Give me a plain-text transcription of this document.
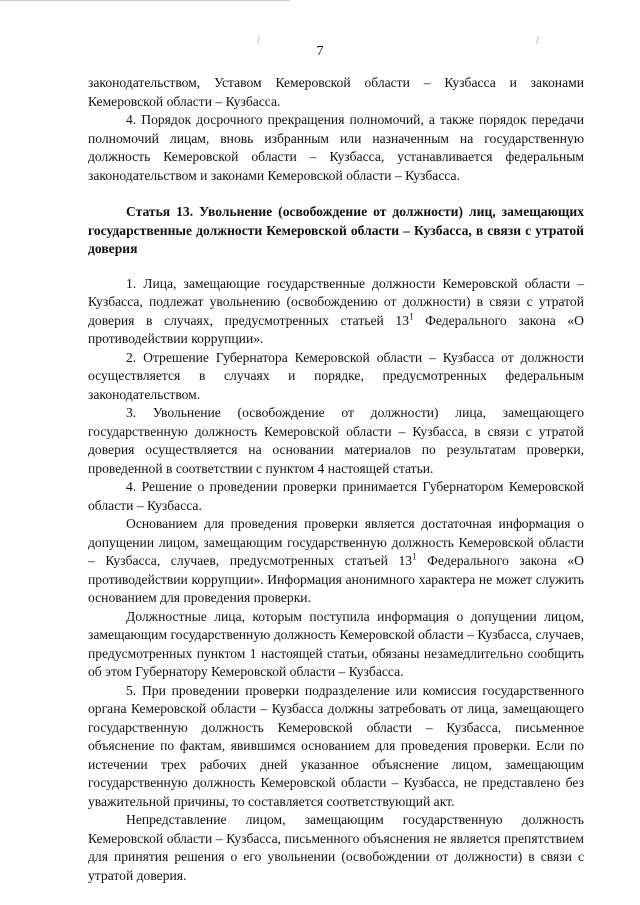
7

законодательством, Уставом Кемеровской области – Кузбасса и законами Кемеровской области – Кузбасса.

4. Порядок досрочного прекращения полномочий, а также порядок передачи полномочий лицам, вновь избранным или назначенным на государственную должность Кемеровской области – Кузбасса, устанавливается федеральным законодательством и законами Кемеровской области – Кузбасса.

Статья 13. Увольнение (освобождение от должности) лиц, замещающих государственные должности Кемеровской области – Кузбасса, в связи с утратой доверия

1. Лица, замещающие государственные должности Кемеровской области – Кузбасса, подлежат увольнению (освобождению от должности) в связи с утратой доверия в случаях, предусмотренных статьей $13^1$ Федерального закона «О противодействии коррупции».

2. Отрешение Губернатора Кемеровской области – Кузбасса от должности осуществляется в случаях и порядке, предусмотренных федеральным законодательством.

3. Увольнение (освобождение от должности) лица, замещающего государственную должность Кемеровской области – Кузбасса, в связи с утратой доверия осуществляется на основании материалов по результатам проверки, проведенной в соответствии с пунктом 4 настоящей статьи.

4. Решение о проведении проверки принимается Губернатором Кемеровской области – Кузбасса.

Основанием для проведения проверки является достаточная информация о допущении лицом, замещающим государственную должность Кемеровской области – Кузбасса, случаев, предусмотренных статьей $13^1$ Федерального закона «О противодействии коррупции». Информация анонимного характера не может служить основанием для проведения проверки.

Должностные лица, которым поступила информация о допущении лицом, замещающим государственную должность Кемеровской области – Кузбасса, случаев, предусмотренных пунктом 1 настоящей статьи, обязаны незамедлительно сообщить об этом Губернатору Кемеровской области – Кузбасса.

5. При проведении проверки подразделение или комиссия государственного органа Кемеровской области – Кузбасса должны затребовать от лица, замещающего государственную должность Кемеровской области – Кузбасса, письменное объяснение по фактам, явившимся основанием для проведения проверки. Если по истечении трех рабочих дней указанное объяснение лицом, замещающим государственную должность Кемеровской области – Кузбасса, не представлено без уважительной причины, то составляется соответствующий акт.

Непредставление лицом, замещающим государственную должность Кемеровской области – Кузбасса, письменного объяснения не является препятствием для принятия решения о его увольнении (освобождении от должности) в связи с утратой доверия.
